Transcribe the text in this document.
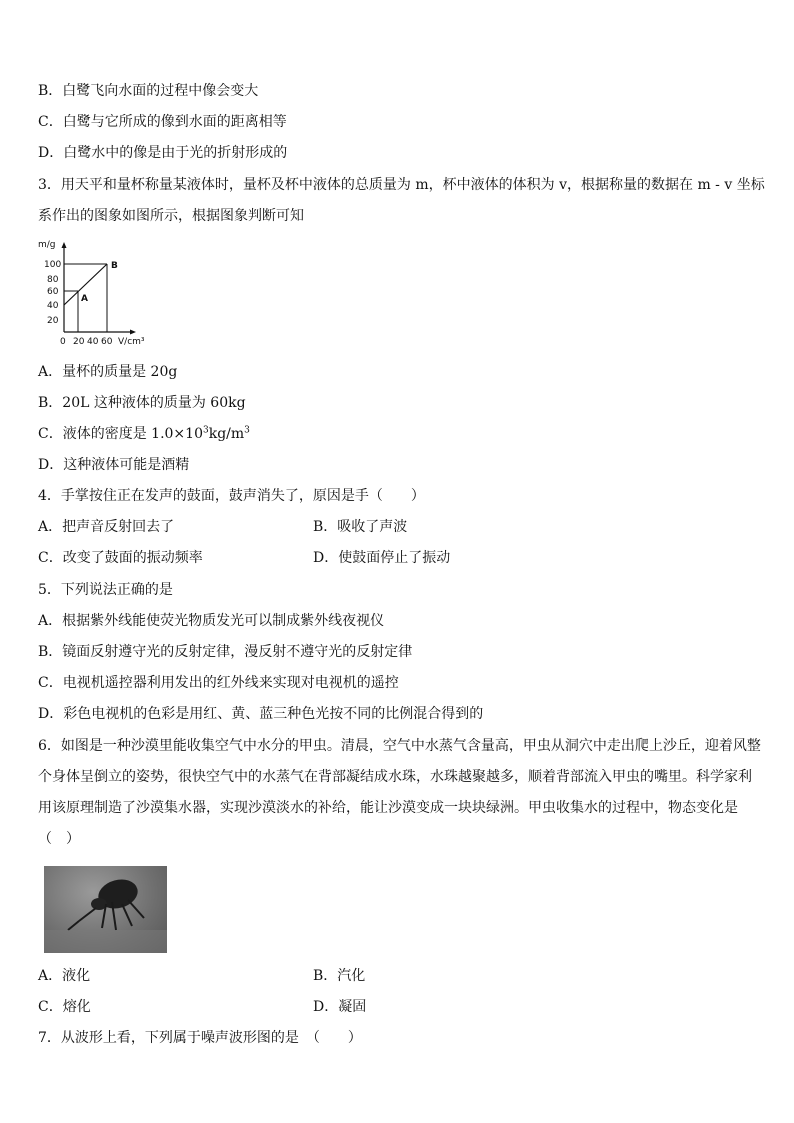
B．白鹭飞向水面的过程中像会变大
C．白鹭与它所成的像到水面的距离相等
D．白鹭水中的像是由于光的折射形成的
3．用天平和量杯称量某液体时，量杯及杯中液体的总质量为 m，杯中液体的体积为 v，根据称量的数据在 m - v 坐标
系作出的图象如图所示，根据图象判断可知
m/g
100
80
60
40
20
0 20 40 60 V/cm³
A
B
A．量杯的质量是 20g
B．20L 这种液体的质量为 60kg
C．液体的密度是 $1.0\times 10^3kg/m^3$
D．这种液体可能是酒精
4．手掌按住正在发声的鼓面，鼓声消失了，原因是手（　　）
A．把声音反射回去了	B．吸收了声波
C．改变了鼓面的振动频率	D．使鼓面停止了振动
5．下列说法正确的是
A．根据紫外线能使荧光物质发光可以制成紫外线夜视仪
B．镜面反射遵守光的反射定律，漫反射不遵守光的反射定律
C．电视机遥控器利用发出的红外线来实现对电视机的遥控
D．彩色电视机的色彩是用红、黄、蓝三种色光按不同的比例混合得到的
6．如图是一种沙漠里能收集空气中水分的甲虫。清晨，空气中水蒸气含量高，甲虫从洞穴中走出爬上沙丘，迎着风整
个身体呈倒立的姿势，很快空气中的水蒸气在背部凝结成水珠，水珠越聚越多，顺着背部流入甲虫的嘴里。科学家利
用该原理制造了沙漠集水器，实现沙漠淡水的补给，能让沙漠变成一块块绿洲。甲虫收集水的过程中，物态变化是
（　）
A．液化	B．汽化
C．熔化	D．凝固
7．从波形上看，下列属于噪声波形图的是　（　　）
